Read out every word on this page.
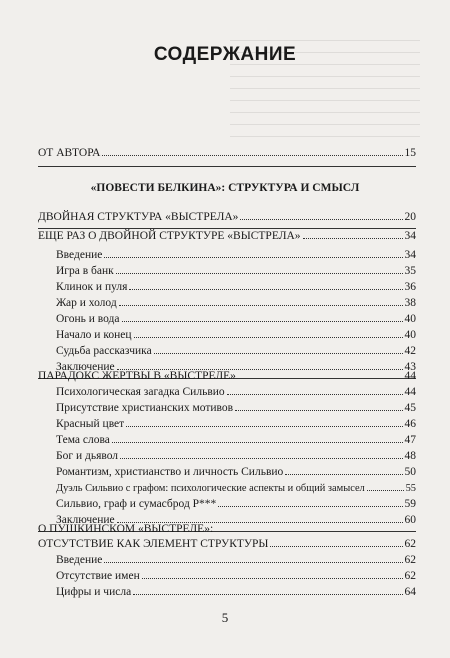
СОДЕРЖАНИЕ
«ПОВЕСТИ БЕЛКИНА»: СТРУКТУРА И СМЫСЛ
5
ОТ АВТОРА	15
ДВОЙНАЯ СТРУКТУРА «ВЫСТРЕЛА»	20
ЕЩЕ РАЗ О ДВОЙНОЙ СТРУКТУРЕ «ВЫСТРЕЛА»	34
Введение	34
Игра в банк	35
Клинок и пуля	36
Жар и холод	38
Огонь и вода	40
Начало и конец	40
Судьба рассказчика	42
Заключение	43
ПАРАДОКС ЖЕРТВЫ В «ВЫСТРЕЛЕ»	44
Психологическая загадка Сильвио	44
Присутствие христианских мотивов	45
Красный цвет	46
Тема слова	47
Бог и дьявол	48
Романтизм, христианство и личность Сильвио	50
Дуэль Сильвио с графом: психологические аспекты и общий замысел	55
Сильвио, граф и сумасброд Р***	59
Заключение	60
О ПУШКИНСКОМ «ВЫСТРЕЛЕ»:
ОТСУТСТВИЕ КАК ЭЛЕМЕНТ СТРУКТУРЫ	62
Введение	62
Отсутствие имен	62
Цифры и числа	64
